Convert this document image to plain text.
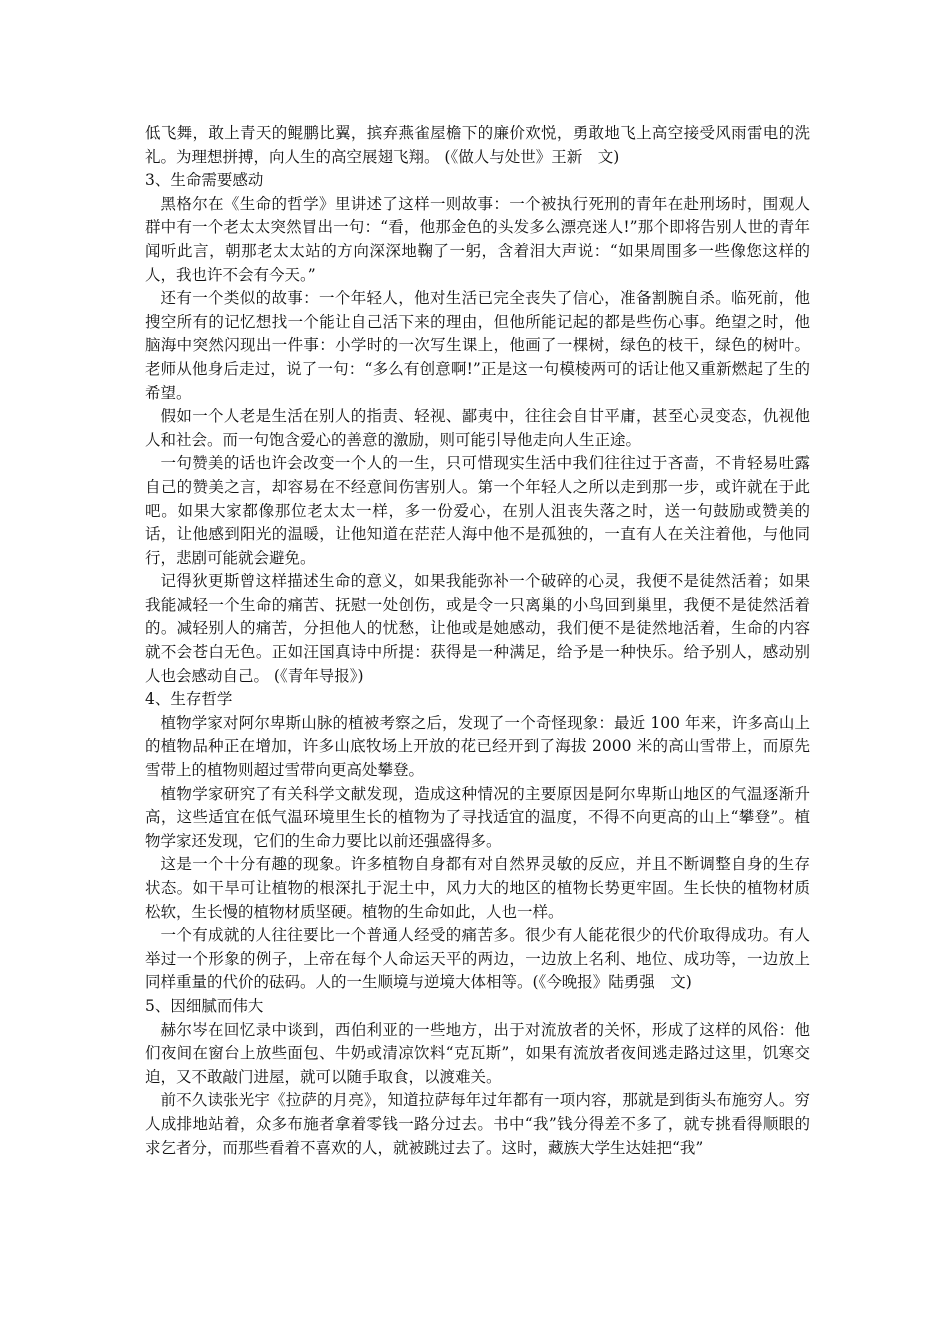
低飞舞，敢上青天的鲲鹏比翼，摈弃燕雀屋檐下的廉价欢悦，勇敢地飞上高空接受风雨雷电的洗礼。为理想拼搏，向人生的高空展翅飞翔。 (《做人与处世》王新　文)

3、生命需要感动

黑格尔在《生命的哲学》里讲述了这样一则故事：一个被执行死刑的青年在赴刑场时，围观人群中有一个老太太突然冒出一句：“看，他那金色的头发多么漂亮迷人!”那个即将告别人世的青年闻听此言，朝那老太太站的方向深深地鞠了一躬，含着泪大声说：“如果周围多一些像您这样的人，我也许不会有今天。”

还有一个类似的故事：一个年轻人，他对生活已完全丧失了信心，准备割腕自杀。临死前，他搜空所有的记忆想找一个能让自己活下来的理由，但他所能记起的都是些伤心事。绝望之时，他脑海中突然闪现出一件事：小学时的一次写生课上，他画了一棵树，绿色的枝干，绿色的树叶。老师从他身后走过，说了一句：“多么有创意啊!”正是这一句模棱两可的话让他又重新燃起了生的希望。

假如一个人老是生活在别人的指责、轻视、鄙夷中，往往会自甘平庸，甚至心灵变态，仇视他人和社会。而一句饱含爱心的善意的激励，则可能引导他走向人生正途。

一句赞美的话也许会改变一个人的一生，只可惜现实生活中我们往往过于吝啬，不肯轻易吐露自己的赞美之言，却容易在不经意间伤害别人。第一个年轻人之所以走到那一步，或许就在于此吧。如果大家都像那位老太太一样，多一份爱心，在别人沮丧失落之时，送一句鼓励或赞美的话，让他感到阳光的温暖，让他知道在茫茫人海中他不是孤独的，一直有人在关注着他，与他同行，悲剧可能就会避免。

记得狄更斯曾这样描述生命的意义，如果我能弥补一个破碎的心灵，我便不是徒然活着；如果我能减轻一个生命的痛苦、抚慰一处创伤，或是令一只离巢的小鸟回到巢里，我便不是徒然活着的。减轻别人的痛苦，分担他人的忧愁，让他或是她感动，我们便不是徒然地活着，生命的内容就不会苍白无色。正如汪国真诗中所提：获得是一种满足，给予是一种快乐。给予别人，感动别人也会感动自己。 (《青年导报》)

4、生存哲学

植物学家对阿尔卑斯山脉的植被考察之后，发现了一个奇怪现象：最近 100 年来，许多高山上的植物品种正在增加，许多山底牧场上开放的花已经开到了海拔 2000 米的高山雪带上，而原先雪带上的植物则超过雪带向更高处攀登。

植物学家研究了有关科学文献发现，造成这种情况的主要原因是阿尔卑斯山地区的气温逐渐升高，这些适宜在低气温环境里生长的植物为了寻找适宜的温度，不得不向更高的山上“攀登”。植物学家还发现，它们的生命力要比以前还强盛得多。

这是一个十分有趣的现象。许多植物自身都有对自然界灵敏的反应，并且不断调整自身的生存状态。如干旱可让植物的根深扎于泥土中，风力大的地区的植物长势更牢固。生长快的植物材质松软，生长慢的植物材质坚硬。植物的生命如此，人也一样。

一个有成就的人往往要比一个普通人经受的痛苦多。很少有人能花很少的代价取得成功。有人举过一个形象的例子，上帝在每个人命运天平的两边，一边放上名利、地位、成功等，一边放上同样重量的代价的砝码。人的一生顺境与逆境大体相等。(《今晚报》陆勇强　文)

5、因细腻而伟大

赫尔岑在回忆录中谈到，西伯利亚的一些地方，出于对流放者的关怀，形成了这样的风俗：他们夜间在窗台上放些面包、牛奶或清凉饮料“克瓦斯”，如果有流放者夜间逃走路过这里，饥寒交迫，又不敢敲门进屋，就可以随手取食，以渡难关。

前不久读张光宇《拉萨的月亮》，知道拉萨每年过年都有一项内容，那就是到街头布施穷人。穷人成排地站着，众多布施者拿着零钱一路分过去。书中“我”钱分得差不多了，就专挑看得顺眼的求乞者分，而那些看着不喜欢的人，就被跳过去了。这时，藏族大学生达娃把“我”
